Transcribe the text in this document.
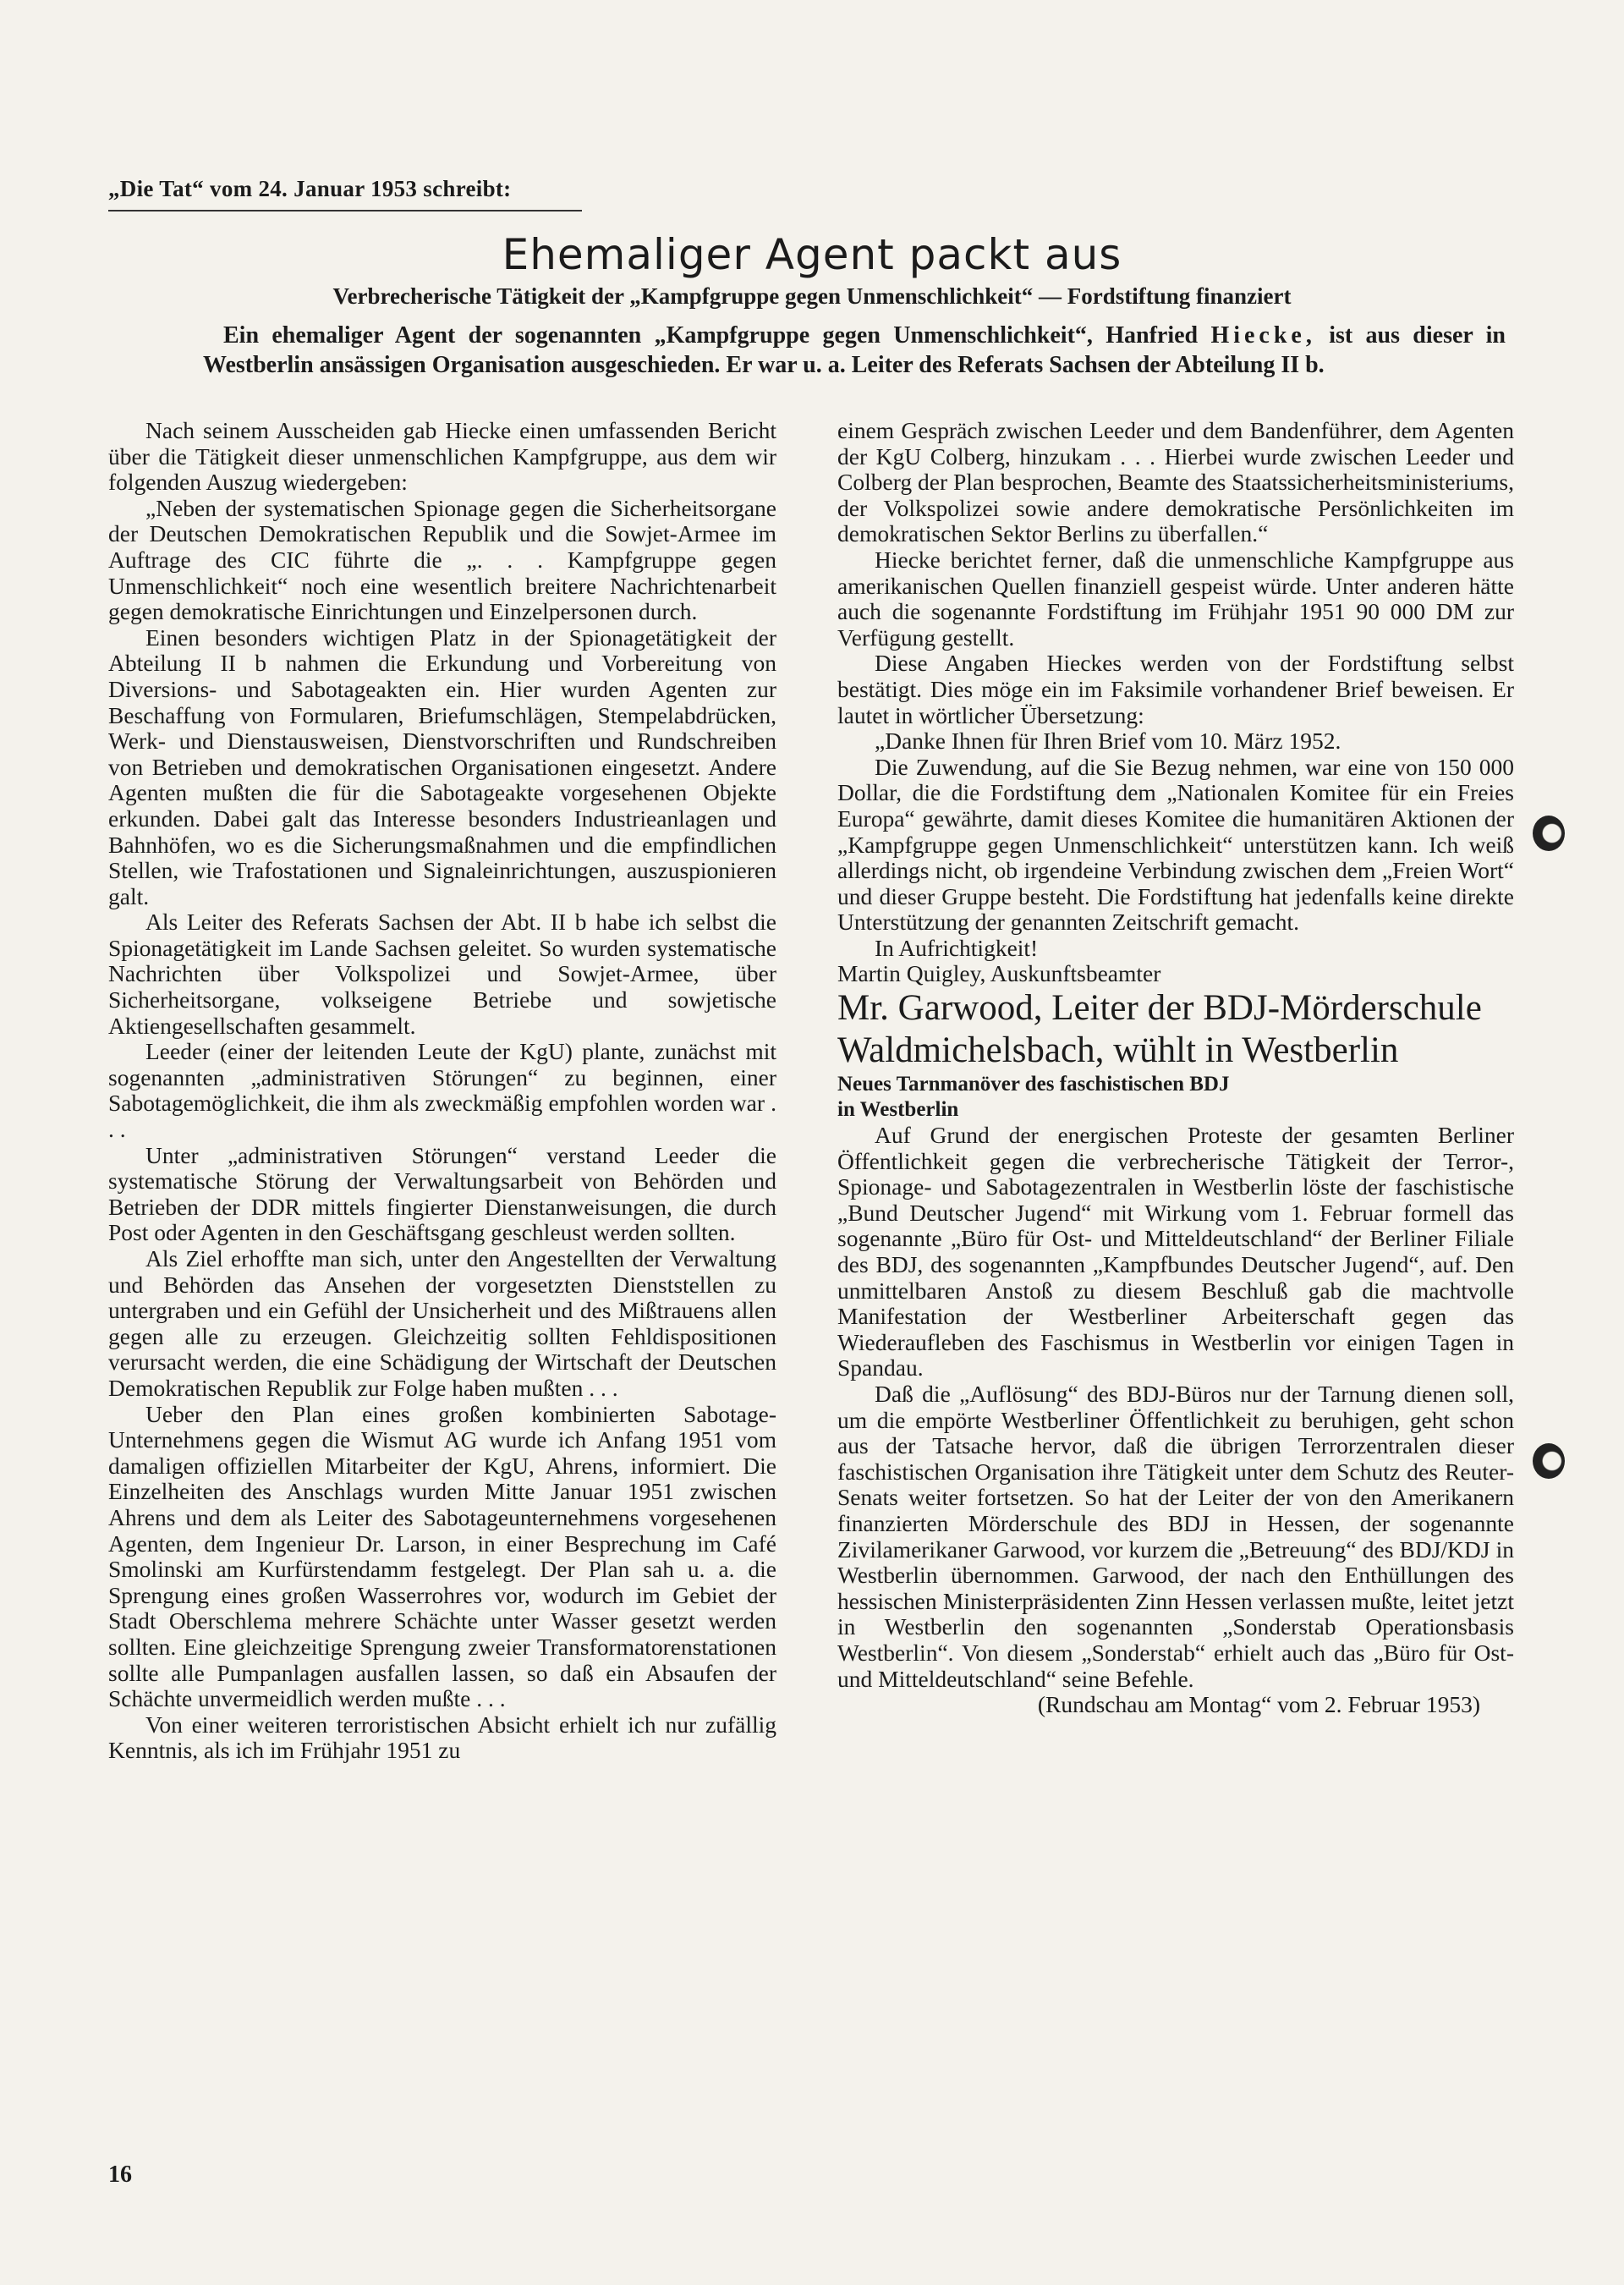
„Die Tat“ vom 24. Januar 1953 schreibt:
Ehemaliger Agent packt aus
Verbrecherische Tätigkeit der „Kampfgruppe gegen Unmenschlichkeit“ — Fordstiftung finanziert
Ein ehemaliger Agent der sogenannten „Kampfgruppe gegen Unmenschlichkeit“, Hanfried Hiecke, ist aus dieser in Westberlin ansässigen Organisation ausgeschieden. Er war u. a. Leiter des Referats Sachsen der Abteilung II b.

Nach seinem Ausscheiden gab Hiecke einen umfassenden Bericht über die Tätigkeit dieser unmenschlichen Kampfgruppe, aus dem wir folgenden Auszug wiedergeben:

„Neben der systematischen Spionage gegen die Sicherheitsorgane der Deutschen Demokratischen Republik und die Sowjet-Armee im Auftrage des CIC führte die „. . . Kampfgruppe gegen Unmenschlichkeit“ noch eine wesentlich breitere Nachrichtenarbeit gegen demokratische Einrichtungen und Einzelpersonen durch.

Einen besonders wichtigen Platz in der Spionagetätigkeit der Abteilung II b nahmen die Erkundung und Vorbereitung von Diversions- und Sabotageakten ein. Hier wurden Agenten zur Beschaffung von Formularen, Briefumschlägen, Stempelabdrücken, Werk- und Dienstausweisen, Dienstvorschriften und Rundschreiben von Betrieben und demokratischen Organisationen eingesetzt. Andere Agenten mußten die für die Sabotageakte vorgesehenen Objekte erkunden. Dabei galt das Interesse besonders Industrieanlagen und Bahnhöfen, wo es die Sicherungsmaßnahmen und die empfindlichen Stellen, wie Trafostationen und Signaleinrichtungen, auszuspionieren galt.

Als Leiter des Referats Sachsen der Abt. II b habe ich selbst die Spionagetätigkeit im Lande Sachsen geleitet. So wurden systematische Nachrichten über Volkspolizei und Sowjet-Armee, über Sicherheitsorgane, volkseigene Betriebe und sowjetische Aktiengesellschaften gesammelt.

Leeder (einer der leitenden Leute der KgU) plante, zunächst mit sogenannten „administrativen Störungen“ zu beginnen, einer Sabotagemöglichkeit, die ihm als zweckmäßig empfohlen worden war . . .

Unter „administrativen Störungen“ verstand Leeder die systematische Störung der Verwaltungsarbeit von Behörden und Betrieben der DDR mittels fingierter Dienstanweisungen, die durch Post oder Agenten in den Geschäftsgang geschleust werden sollten.

Als Ziel erhoffte man sich, unter den Angestellten der Verwaltung und Behörden das Ansehen der vorgesetzten Dienststellen zu untergraben und ein Gefühl der Unsicherheit und des Mißtrauens allen gegen alle zu erzeugen. Gleichzeitig sollten Fehldispositionen verursacht werden, die eine Schädigung der Wirtschaft der Deutschen Demokratischen Republik zur Folge haben mußten . . .

Ueber den Plan eines großen kombinierten Sabotage-Unternehmens gegen die Wismut AG wurde ich Anfang 1951 vom damaligen offiziellen Mitarbeiter der KgU, Ahrens, informiert. Die Einzelheiten des Anschlags wurden Mitte Januar 1951 zwischen Ahrens und dem als Leiter des Sabotageunternehmens vorgesehenen Agenten, dem Ingenieur Dr. Larson, in einer Besprechung im Café Smolinski am Kurfürstendamm festgelegt. Der Plan sah u. a. die Sprengung eines großen Wasserrohres vor, wodurch im Gebiet der Stadt Oberschlema mehrere Schächte unter Wasser gesetzt werden sollten. Eine gleichzeitige Sprengung zweier Transformatorenstationen sollte alle Pumpanlagen ausfallen lassen, so daß ein Absaufen der Schächte unvermeidlich werden mußte . . .

Von einer weiteren terroristischen Absicht erhielt ich nur zufällig Kenntnis, als ich im Frühjahr 1951 zu

einem Gespräch zwischen Leeder und dem Bandenführer, dem Agenten der KgU Colberg, hinzukam . . . Hierbei wurde zwischen Leeder und Colberg der Plan besprochen, Beamte des Staatssicherheitsministeriums, der Volkspolizei sowie andere demokratische Persönlichkeiten im demokratischen Sektor Berlins zu überfallen.“

Hiecke berichtet ferner, daß die unmenschliche Kampfgruppe aus amerikanischen Quellen finanziell gespeist würde. Unter anderen hätte auch die sogenannte Fordstiftung im Frühjahr 1951 90 000 DM zur Verfügung gestellt.

Diese Angaben Hieckes werden von der Fordstiftung selbst bestätigt. Dies möge ein im Faksimile vorhandener Brief beweisen. Er lautet in wörtlicher Übersetzung:

„Danke Ihnen für Ihren Brief vom 10. März 1952.

Die Zuwendung, auf die Sie Bezug nehmen, war eine von 150 000 Dollar, die die Fordstiftung dem „Nationalen Komitee für ein Freies Europa“ gewährte, damit dieses Komitee die humanitären Aktionen der „Kampfgruppe gegen Unmenschlichkeit“ unterstützen kann. Ich weiß allerdings nicht, ob irgendeine Verbindung zwischen dem „Freien Wort“ und dieser Gruppe besteht. Die Fordstiftung hat jedenfalls keine direkte Unterstützung der genannten Zeitschrift gemacht.

In Aufrichtigkeit!

Martin Quigley, Auskunftsbeamter

Mr. Garwood, Leiter der BDJ-Mörderschule
Waldmichelsbach, wühlt in Westberlin

Neues Tarnmanöver des faschistischen BDJ
in Westberlin

Auf Grund der energischen Proteste der gesamten Berliner Öffentlichkeit gegen die verbrecherische Tätigkeit der Terror-, Spionage- und Sabotagezentralen in Westberlin löste der faschistische „Bund Deutscher Jugend“ mit Wirkung vom 1. Februar formell das sogenannte „Büro für Ost- und Mitteldeutschland“ der Berliner Filiale des BDJ, des sogenannten „Kampfbundes Deutscher Jugend“, auf. Den unmittelbaren Anstoß zu diesem Beschluß gab die machtvolle Manifestation der Westberliner Arbeiterschaft gegen das Wiederaufleben des Faschismus in Westberlin vor einigen Tagen in Spandau.

Daß die „Auflösung“ des BDJ-Büros nur der Tarnung dienen soll, um die empörte Westberliner Öffentlichkeit zu beruhigen, geht schon aus der Tatsache hervor, daß die übrigen Terrorzentralen dieser faschistischen Organisation ihre Tätigkeit unter dem Schutz des Reuter-Senats weiter fortsetzen. So hat der Leiter der von den Amerikanern finanzierten Mörderschule des BDJ in Hessen, der sogenannte Zivilamerikaner Garwood, vor kurzem die „Betreuung“ des BDJ/KDJ in Westberlin übernommen. Garwood, der nach den Enthüllungen des hessischen Ministerpräsidenten Zinn Hessen verlassen mußte, leitet jetzt in Westberlin den sogenannten „Sonderstab Operationsbasis Westberlin“. Von diesem „Sonderstab“ erhielt auch das „Büro für Ost- und Mitteldeutschland“ seine Befehle.

(Rundschau am Montag“ vom 2. Februar 1953)

16
